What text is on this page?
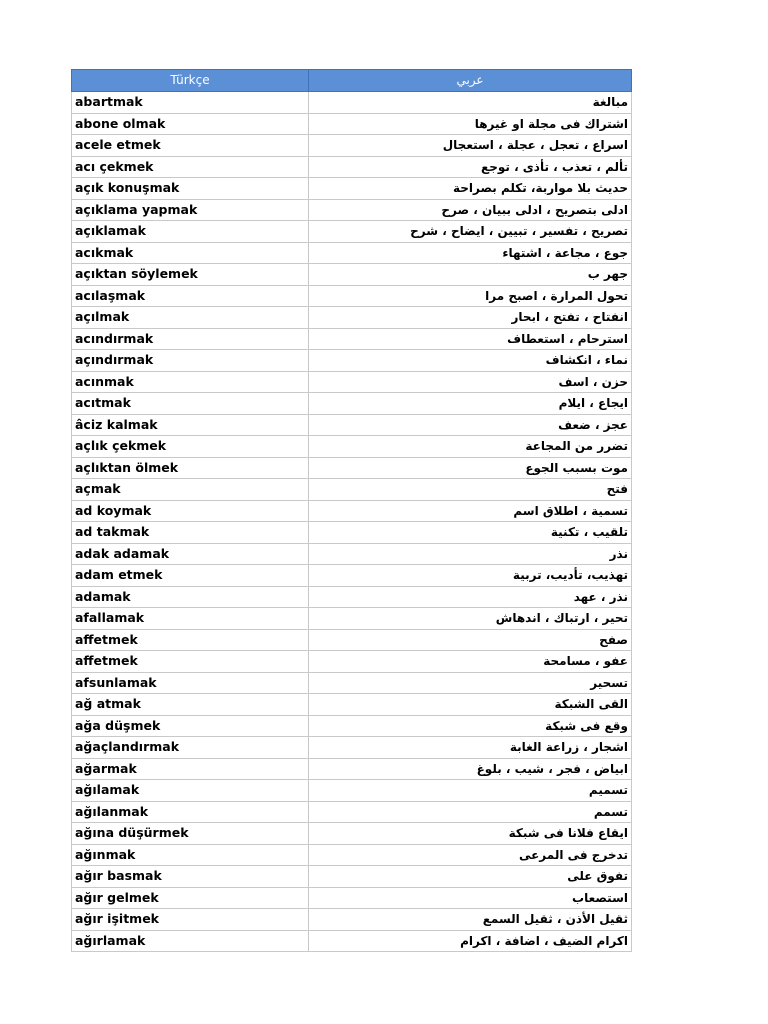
Türkçe	عربي
abartmak	مبالغة
abone olmak	اشتراك فى مجلة او غيرها
acele etmek	اسراع ، تعجل ، عجلة ، استعجال
acı çekmek	تألم ، تعذب ، تأذى ، توجع
açık konuşmak	حديث بلا مواربة، تكلم بصراحة
açıklama yapmak	ادلى بتصريح ، ادلى ببيان ، صرح
açıklamak	تصريح ، تفسير ، تبيين ، ايضاح ، شرح
acıkmak	جوع ، مجاعة ، اشتهاء
açıktan söylemek	جهر ب
acılaşmak	تحول المرارة ، اصبح مرا
açılmak	انفتاح ، تفتح ، ابحار
acındırmak	استرحام ، استعطاف
açındırmak	نماء ، انكشاف
acınmak	حزن ، اسف
acıtmak	ايجاع ، ايلام
âciz kalmak	عجز ، ضعف
açlık çekmek	تضرر من المجاعة
açlıktan ölmek	موت بسبب الجوع
açmak	فتح
ad koymak	تسمية ، اطلاق اسم
ad takmak	تلقيب ، تكنية
adak adamak	نذر
adam etmek	تهذيب، تأديب، تربية
adamak	نذر ، عهد
afallamak	تحير ، ارتباك ، اندهاش
affetmek	صفح
affetmek	عفو ، مسامحة
afsunlamak	تسحير
ağ atmak	القى الشبكة
ağa düşmek	وقع فى شبكة
ağaçlandırmak	اشجار ، زراعة الغابة
ağarmak	ابياض ، فجر ، شيب ، بلوغ
ağılamak	تسميم
ağılanmak	تسمم
ağına düşürmek	ايقاع فلانا فى شبكة
ağınmak	تدخرج فى المرعى
ağır basmak	تفوق على
ağır gelmek	استصعاب
ağır işitmek	ثقيل الأذن ، ثقيل السمع
ağırlamak	اكرام الضيف ، اضافة ، اكرام
